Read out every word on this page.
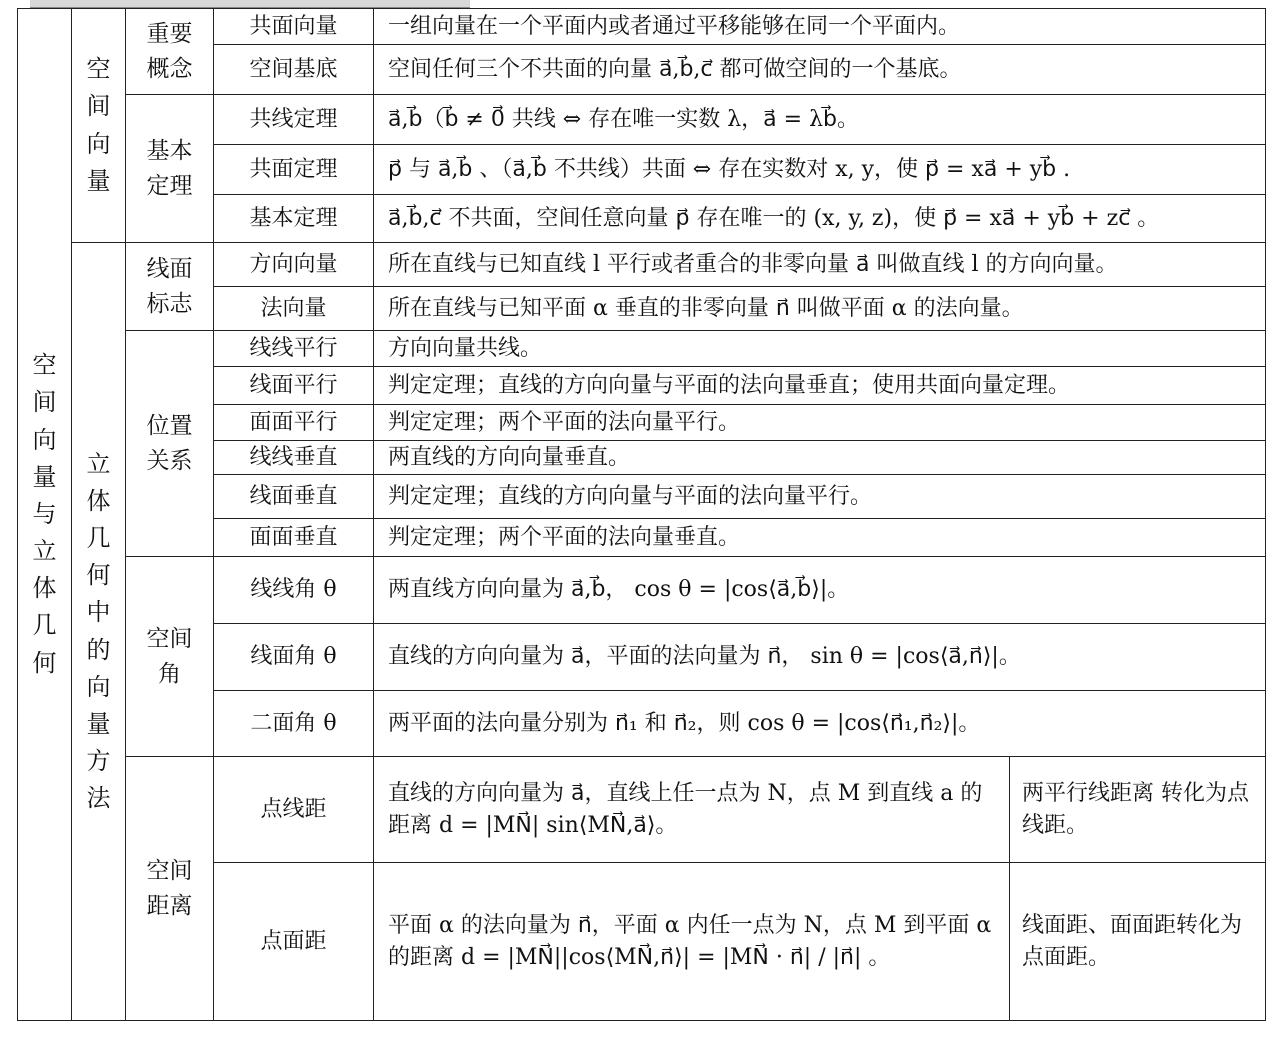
空间向量与立体几何	空间向量	重要概念	共面向量	一组向量在一个平面内或者通过平移能够在同一个平面内。	
			空间基底	空间任何三个不共面的向量 a⃗,b⃗,c⃗ 都可做空间的一个基底。	
		基本定理	共线定理	a⃗,b⃗（b⃗ ≠ 0⃗ 共线 ⇔ 存在唯一实数 λ，a⃗ = λb⃗。	
			共面定理	p⃗ 与 a⃗,b⃗ 、（a⃗,b⃗ 不共线）共面 ⇔ 存在实数对 x, y，使 p⃗ = xa⃗ + yb⃗ .	
			基本定理	a⃗,b⃗,c⃗ 不共面，空间任意向量 p⃗ 存在唯一的 (x, y, z)，使 p⃗ = xa⃗ + yb⃗ + zc⃗ 。	
	立体几何中的向量方法	线面标志	方向向量	所在直线与已知直线 l 平行或者重合的非零向量 a⃗ 叫做直线 l 的方向向量。	
			法向量	所在直线与已知平面 α 垂直的非零向量 n⃗ 叫做平面 α 的法向量。	
		位置关系	线线平行	方向向量共线。	
			线面平行	判定定理；直线的方向向量与平面的法向量垂直；使用共面向量定理。	
			面面平行	判定定理；两个平面的法向量平行。	
			线线垂直	两直线的方向向量垂直。	
			线面垂直	判定定理；直线的方向向量与平面的法向量平行。	
			面面垂直	判定定理；两个平面的法向量垂直。	
		空间角	线线角 θ	两直线方向向量为 a⃗,b⃗， cos θ = |cos⟨a⃗,b⃗⟩|。	
			线面角 θ	直线的方向向量为 a⃗，平面的法向量为 n⃗， sin θ = |cos⟨a⃗,n⃗⟩|。	
			二面角 θ	两平面的法向量分别为 n⃗₁ 和 n⃗₂，则 cos θ = |cos⟨n⃗₁,n⃗₂⟩|。	
		空间距离	点线距	直线的方向向量为 a⃗，直线上任一点为 N，点 M 到直线 a 的距离 d = |MN⃗| sin⟨MN⃗,a⃗⟩。	两平行线距离 转化为点线距。
			点面距	平面 α 的法向量为 n⃗，平面 α 内任一点为 N，点 M 到平面 α 的距离 d = |MN⃗||cos⟨MN⃗,n⃗⟩| = |MN⃗ · n⃗| / |n⃗| 。	线面距、面面距转化为点面距。
